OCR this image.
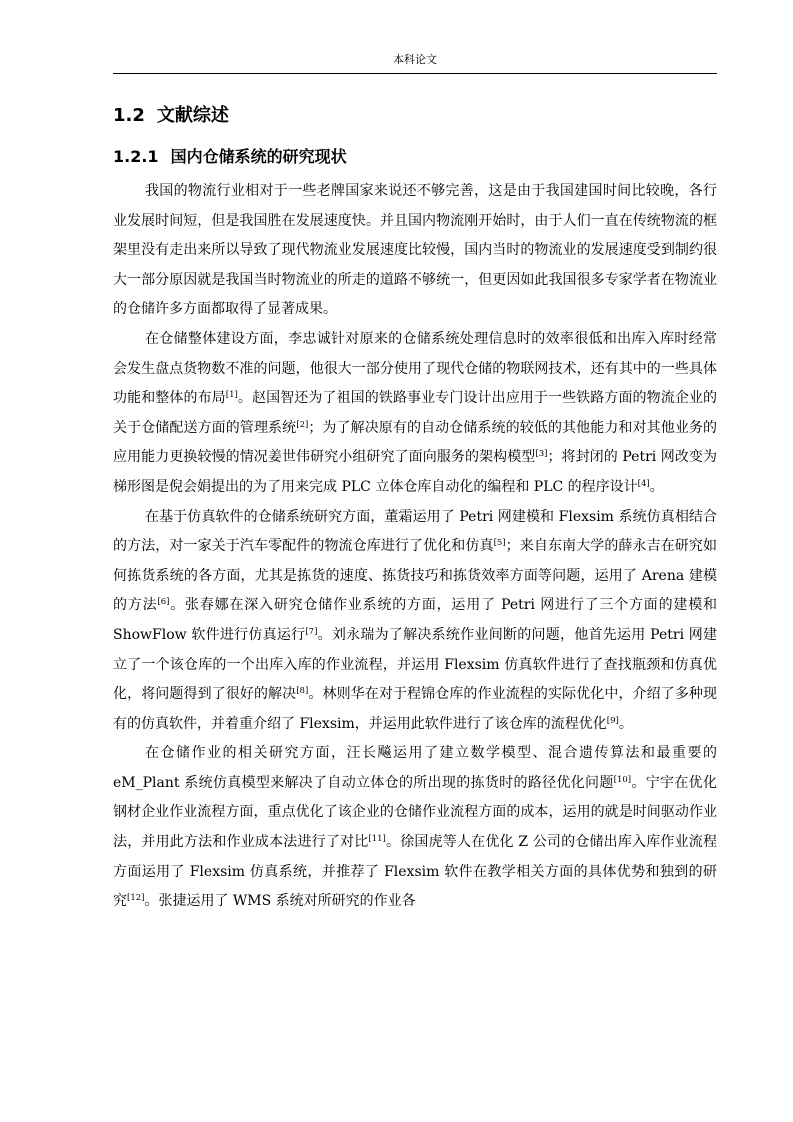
本科论文
1.2 文献综述
1.2.1 国内仓储系统的研究现状

我国的物流行业相对于一些老牌国家来说还不够完善，这是由于我国建国时间比较晚，各行业发展时间短，但是我国胜在发展速度快。并且国内物流刚开始时，由于人们一直在传统物流的框架里没有走出来所以导致了现代物流业发展速度比较慢，国内当时的物流业的发展速度受到制约很大一部分原因就是我国当时物流业的所走的道路不够统一，但更因如此我国很多专家学者在物流业的仓储许多方面都取得了显著成果。

在仓储整体建设方面，李忠诚针对原来的仓储系统处理信息时的效率很低和出库入库时经常会发生盘点货物数不准的问题，他很大一部分使用了现代仓储的物联网技术，还有其中的一些具体功能和整体的布局[1]。赵国智还为了祖国的铁路事业专门设计出应用于一些铁路方面的物流企业的关于仓储配送方面的管理系统[2]；为了解决原有的自动仓储系统的较低的其他能力和对其他业务的应用能力更换较慢的情况姜世伟研究小组研究了面向服务的架构模型[3]；将封闭的 Petri 网改变为梯形图是倪会娟提出的为了用来完成 PLC 立体仓库自动化的编程和 PLC 的程序设计[4]。

在基于仿真软件的仓储系统研究方面，董霜运用了 Petri 网建模和 Flexsim 系统仿真相结合的方法，对一家关于汽车零配件的物流仓库进行了优化和仿真[5]；来自东南大学的薛永吉在研究如何拣货系统的各方面，尤其是拣货的速度、拣货技巧和拣货效率方面等问题，运用了 Arena 建模的方法[6]。张春娜在深入研究仓储作业系统的方面，运用了 Petri 网进行了三个方面的建模和 ShowFlow 软件进行仿真运行[7]。刘永瑞为了解决系统作业间断的问题，他首先运用 Petri 网建立了一个该仓库的一个出库入库的作业流程，并运用 Flexsim 仿真软件进行了查找瓶颈和仿真优化，将问题得到了很好的解决[8]。林则华在对于程锦仓库的作业流程的实际优化中，介绍了多种现有的仿真软件，并着重介绍了 Flexsim，并运用此软件进行了该仓库的流程优化[9]。

在仓储作业的相关研究方面，汪长飚运用了建立数学模型、混合遗传算法和最重要的 eM_Plant 系统仿真模型来解决了自动立体仓的所出现的拣货时的路径优化问题[10]。宁宇在优化钢材企业作业流程方面，重点优化了该企业的仓储作业流程方面的成本，运用的就是时间驱动作业法，并用此方法和作业成本法进行了对比[11]。徐国虎等人在优化 Z 公司的仓储出库入库作业流程方面运用了 Flexsim 仿真系统，并推荐了 Flexsim 软件在教学相关方面的具体优势和独到的研究[12]。张捷运用了 WMS 系统对所研究的作业各
